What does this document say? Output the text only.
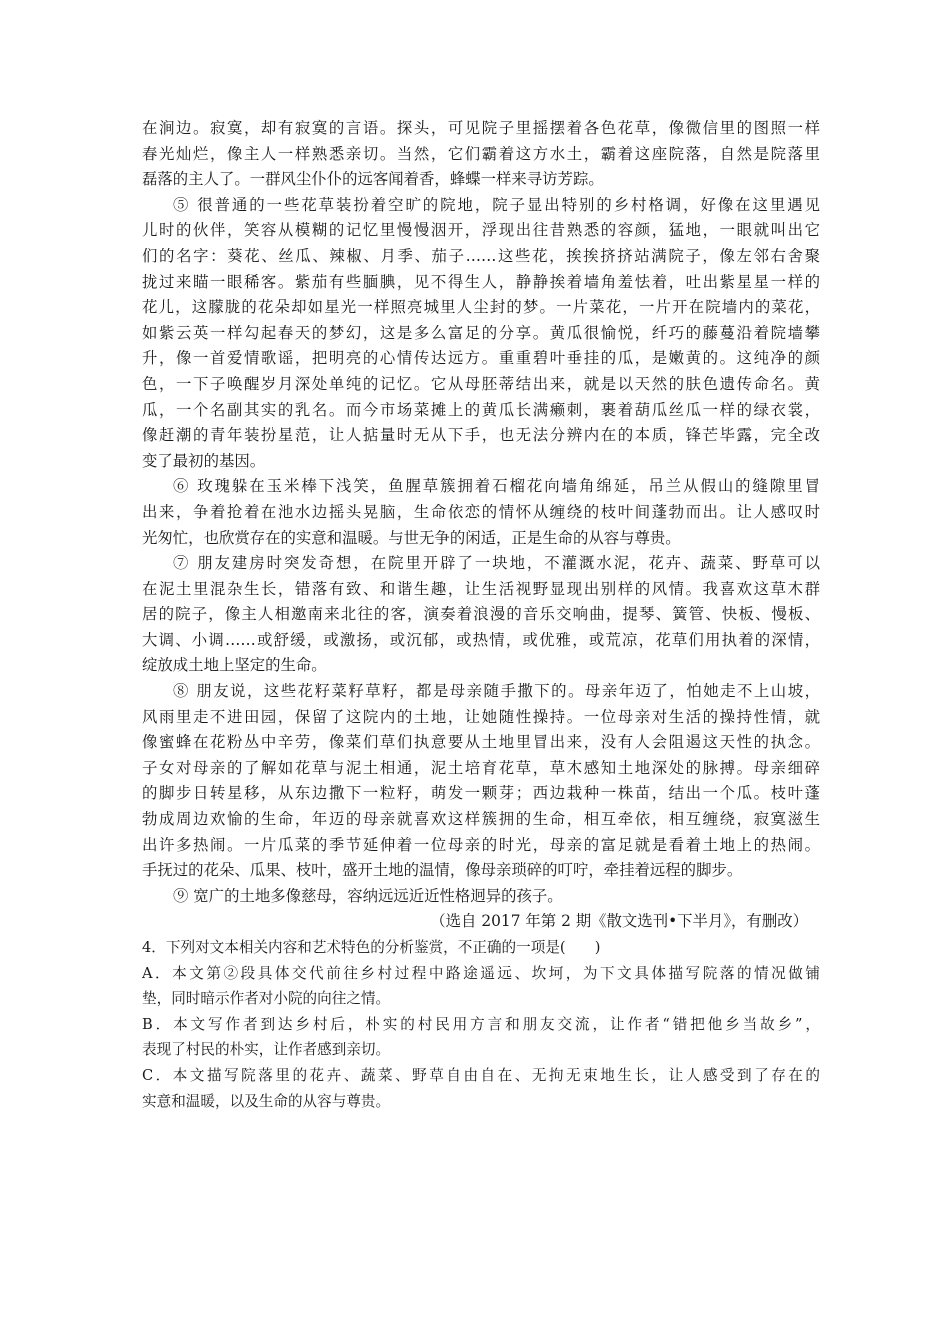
在涧边。寂寞，却有寂寞的言语。探头，可见院子里摇摆着各色花草，像微信里的图照一样
春光灿烂，像主人一样熟悉亲切。当然，它们霸着这方水土，霸着这座院落，自然是院落里
磊落的主人了。一群风尘仆仆的远客闻着香，蜂蝶一样来寻访芳踪。
⑤ 很普通的一些花草装扮着空旷的院地，院子显出特别的乡村格调，好像在这里遇见
儿时的伙伴，笑容从模糊的记忆里慢慢洇开，浮现出往昔熟悉的容颜，猛地，一眼就叫出它
们的名字：葵花、丝瓜、辣椒、月季、茄子……这些花，挨挨挤挤站满院子，像左邻右舍聚
拢过来瞄一眼稀客。紫茄有些腼腆，见不得生人，静静挨着墙角羞怯着，吐出紫星星一样的
花儿，这朦胧的花朵却如星光一样照亮城里人尘封的梦。一片菜花，一片开在院墙内的菜花，
如紫云英一样勾起春天的梦幻，这是多么富足的分享。黄瓜很愉悦，纤巧的藤蔓沿着院墙攀
升，像一首爱情歌谣，把明亮的心情传达远方。重重碧叶垂挂的瓜，是嫩黄的。这纯净的颜
色，一下子唤醒岁月深处单纯的记忆。它从母胚蒂结出来，就是以天然的肤色遗传命名。黄
瓜，一个名副其实的乳名。而今市场菜摊上的黄瓜长满癞刺，裹着葫瓜丝瓜一样的绿衣裳，
像赶潮的青年装扮星范，让人掂量时无从下手，也无法分辨内在的本质，锋芒毕露，完全改
变了最初的基因。
⑥ 玫瑰躲在玉米棒下浅笑，鱼腥草簇拥着石榴花向墙角绵延，吊兰从假山的缝隙里冒
出来，争着抢着在池水边摇头晃脑，生命依恋的情怀从缠绕的枝叶间蓬勃而出。让人感叹时
光匆忙，也欣赏存在的实意和温暖。与世无争的闲适，正是生命的从容与尊贵。
⑦ 朋友建房时突发奇想，在院里开辟了一块地，不灌溉水泥，花卉、蔬菜、野草可以
在泥土里混杂生长，错落有致、和谐生趣，让生活视野显现出别样的风情。我喜欢这草木群
居的院子，像主人相邀南来北往的客，演奏着浪漫的音乐交响曲，提琴、簧管、快板、慢板、
大调、小调……或舒缓，或激扬，或沉郁，或热情，或优雅，或荒凉，花草们用执着的深情，
绽放成土地上坚定的生命。
⑧ 朋友说，这些花籽菜籽草籽，都是母亲随手撒下的。母亲年迈了，怕她走不上山坡，
风雨里走不进田园，保留了这院内的土地，让她随性操持。一位母亲对生活的操持性情，就
像蜜蜂在花粉丛中辛劳，像菜们草们执意要从土地里冒出来，没有人会阻遏这天性的执念。
子女对母亲的了解如花草与泥土相通，泥土培育花草，草木感知土地深处的脉搏。母亲细碎
的脚步日转星移，从东边撒下一粒籽，萌发一颗芽；西边栽种一株苗，结出一个瓜。枝叶蓬
勃成周边欢愉的生命，年迈的母亲就喜欢这样簇拥的生命，相互牵依，相互缠绕，寂寞滋生
出许多热闹。一片瓜菜的季节延伸着一位母亲的时光，母亲的富足就是看着土地上的热闹。
手抚过的花朵、瓜果、枝叶，盛开土地的温情，像母亲琐碎的叮咛，牵挂着远程的脚步。
⑨ 宽广的土地多像慈母，容纳远远近近性格迥异的孩子。
（选自 2017 年第 2 期《散文选刊•下半月》，有删改）
4．下列对文本相关内容和艺术特色的分析鉴赏，不正确的一项是(　　)
A．本文第②段具体交代前往乡村过程中路途遥远、坎坷，为下文具体描写院落的情况做铺
垫，同时暗示作者对小院的向往之情。
B．本文写作者到达乡村后，朴实的村民用方言和朋友交流，让作者“错把他乡当故乡”，
表现了村民的朴实，让作者感到亲切。
C．本文描写院落里的花卉、蔬菜、野草自由自在、无拘无束地生长，让人感受到了存在的
实意和温暖，以及生命的从容与尊贵。
